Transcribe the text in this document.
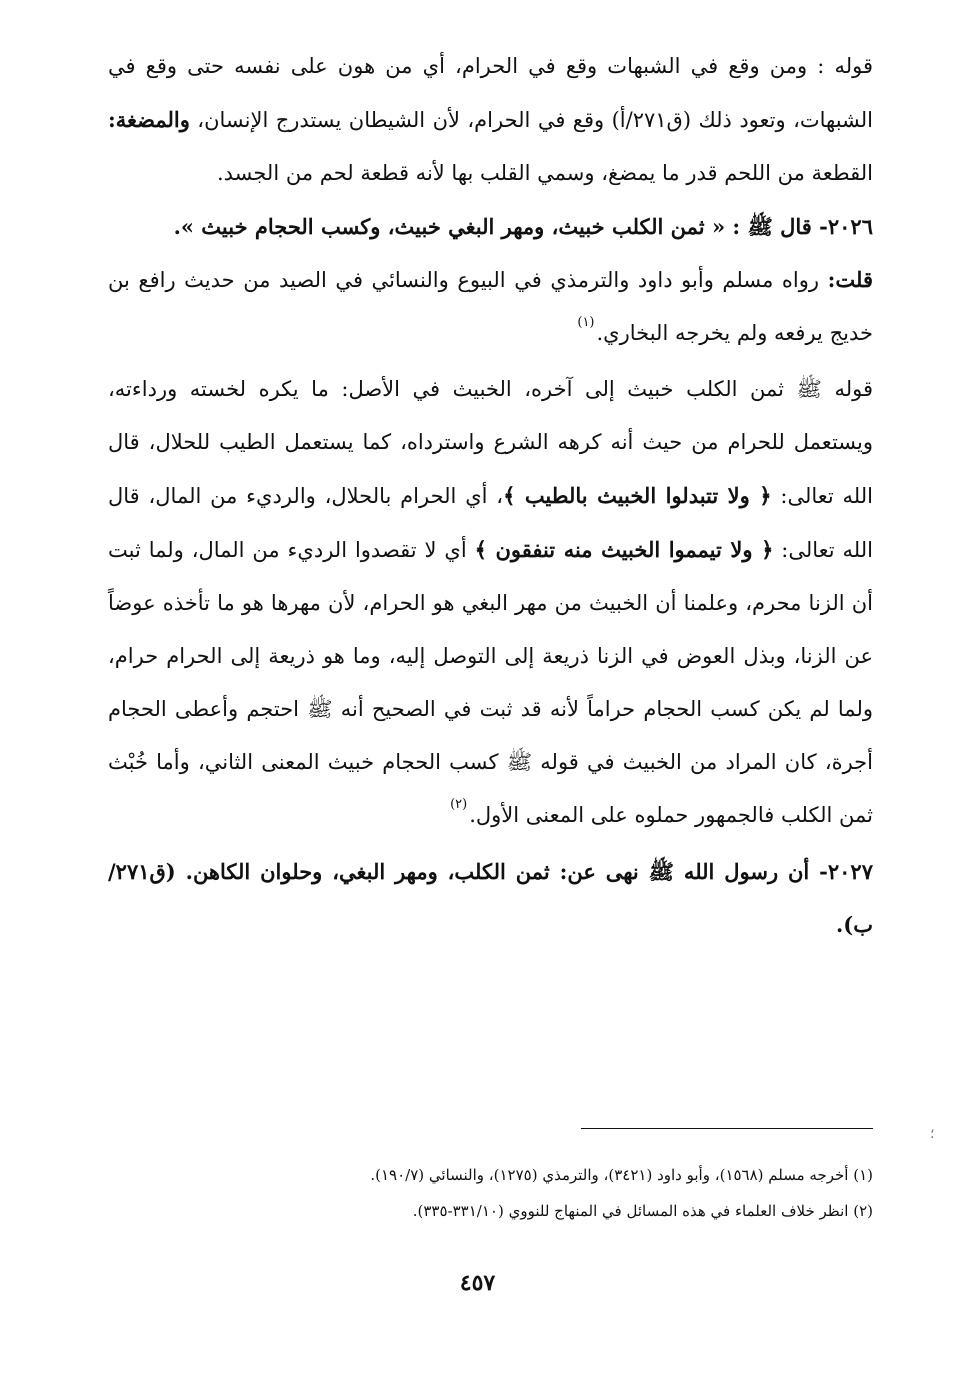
قوله : ومن وقع في الشبهات وقع في الحرام، أي من هون على نفسه حتى وقع في الشبهات، وتعود ذلك (ق٢٧١/أ) وقع في الحرام، لأن الشيطان يستدرج الإنسان، والمضغة: القطعة من اللحم قدر ما يمضغ، وسمي القلب بها لأنه قطعة لحم من الجسد.

٢٠٢٦- قال ﷺ : « ثمن الكلب خبيث، ومهر البغي خبيث، وكسب الحجام خبيث ».

قلت: رواه مسلم وأبو داود والترمذي في البيوع والنسائي في الصيد من حديث رافع بن خديج يرفعه ولم يخرجه البخاري.$^{(١)}$

قوله ﷺ ثمن الكلب خبيث إلى آخره، الخبيث في الأصل: ما يكره لخسته ورداءته، ويستعمل للحرام من حيث أنه كرهه الشرع واسترداه، كما يستعمل الطيب للحلال، قال الله تعالى: ﴿ ولا تتبدلوا الخبيث بالطيب ﴾، أي الحرام بالحلال، والرديء من المال، قال الله تعالى: ﴿ ولا تيمموا الخبيث منه تنفقون ﴾ أي لا تقصدوا الرديء من المال، ولما ثبت أن الزنا محرم، وعلمنا أن الخبيث من مهر البغي هو الحرام، لأن مهرها هو ما تأخذه عوضاً عن الزنا، وبذل العوض في الزنا ذريعة إلى التوصل إليه، وما هو ذريعة إلى الحرام حرام، ولما لم يكن كسب الحجام حراماً لأنه قد ثبت في الصحيح أنه ﷺ احتجم وأعطى الحجام أجرة، كان المراد من الخبيث في قوله ﷺ كسب الحجام خبيث المعنى الثاني، وأما خُبْث ثمن الكلب فالجمهور حملوه على المعنى الأول.$^{(٢)}$

٢٠٢٧- أن رسول الله ﷺ نهى عن: ثمن الكلب، ومهر البغي، وحلوان الكاهن. (ق٢٧١/ب).

(١) أخرجه مسلم (١٥٦٨)، وأبو داود (٣٤٢١)، والترمذي (١٢٧٥)، والنسائي (١٩٠/٧).
(٢) انظر خلاف العلماء في هذه المسائل في المنهاج للنووي (٣٣١/١٠-٣٣٥).
؛
٤٥٧
